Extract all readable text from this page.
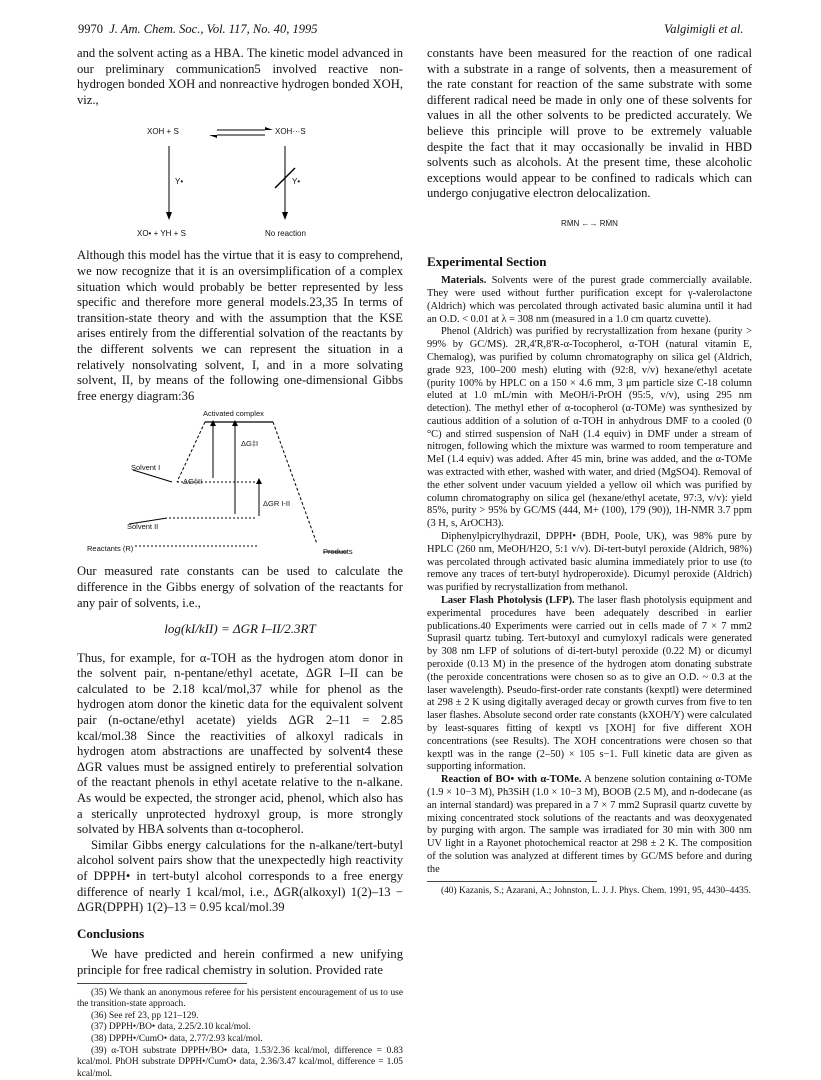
9970 J. Am. Chem. Soc., Vol. 117, No. 40, 1995	Valgimigli et al.

and the solvent acting as a HBA. The kinetic model advanced in our preliminary communication5 involved reactive non-hydrogen bonded XOH and nonreactive hydrogen bonded XOH, viz.,

XOH + S	XOH···S
Y•	Y•
XO• + YH + S	No reaction

Although this model has the virtue that it is easy to comprehend, we now recognize that it is an oversimplification of a complex situation which would probably be better represented by less specific and therefore more general models.23,35 In terms of transition-state theory and with the assumption that the KSE arises entirely from the differential solvation of the reactants by the different solvents we can represent the situation in a relatively nonsolvating solvent, I, and in a more solvating solvent, II, by means of the following one-dimensional Gibbs free energy diagram:36

Activated complex
Solvent I
Solvent II
Reactants (R)	Products
ΔG‡I
ΔG‡II
ΔGR I-II

Our measured rate constants can be used to calculate the difference in the Gibbs energy of solvation of the reactants for any pair of solvents, i.e.,

log(kI/kII) = ΔGR I–II/2.3RT

Thus, for example, for α-TOH as the hydrogen atom donor in the solvent pair, n-pentane/ethyl acetate, ΔGR I–II can be calculated to be 2.18 kcal/mol,37 while for phenol as the hydrogen atom donor the kinetic data for the equivalent solvent pair (n-octane/ethyl acetate) yields ΔGR 2–11 = 2.85 kcal/mol.38 Since the reactivities of alkoxyl radicals in hydrogen atom abstractions are unaffected by solvent4 these ΔGR values must be assigned entirely to preferential solvation of the reactant phenols in ethyl acetate relative to the n-alkane. As would be expected, the stronger acid, phenol, which also has a sterically unprotected hydroxyl group, is more strongly solvated by HBA solvents than α-tocopherol.

Similar Gibbs energy calculations for the n-alkane/tert-butyl alcohol solvent pairs show that the unexpectedly high reactivity of DPPH• in tert-butyl alcohol corresponds to a free energy difference of nearly 1 kcal/mol, i.e., ΔGR(alkoxyl) 1(2)–13 − ΔGR(DPPH) 1(2)–13 = 0.95 kcal/mol.39

Conclusions

We have predicted and herein confirmed a new unifying principle for free radical chemistry in solution. Provided rate

(35) We thank an anonymous referee for his persistent encouragement of us to use the transition-state approach.
(36) See ref 23, pp 121–129.
(37) DPPH•/BO• data, 2.25/2.10 kcal/mol.
(38) DPPH•/CumO• data, 2.77/2.93 kcal/mol.
(39) α-TOH substrate DPPH•/BO• data, 1.53/2.36 kcal/mol, difference = 0.83 kcal/mol. PhOH substrate DPPH•/CumO• data, 2.36/3.47 kcal/mol, difference = 1.05 kcal/mol.

constants have been measured for the reaction of one radical with a substrate in a range of solvents, then a measurement of the rate constant for reaction of the same substrate with some different radical need be made in only one of these solvents for values in all the other solvents to be predicted accurately. We believe this principle will prove to be extremely valuable despite the fact that it may occasionally be invalid in HBD solvents such as alcohols. At the present time, these alcoholic exceptions would appear to be confined to radicals which can undergo conjugative electron delocalization.

RṀN ←→ RṀN
Experimental Section

Materials. Solvents were of the purest grade commercially available. They were used without further purification except for γ-valerolactone (Aldrich) which was percolated through activated basic alumina until it had an O.D. < 0.01 at λ = 308 nm (measured in a 1.0 cm quartz cuvette).

Phenol (Aldrich) was purified by recrystallization from hexane (purity > 99% by GC/MS). 2R,4'R,8'R-α-Tocopherol, α-TOH (natural vitamin E, Chemalog), was purified by column chromatography on silica gel (Aldrich, grade 923, 100–200 mesh) eluting with (92:8, v/v) hexane/ethyl acetate (purity 100% by HPLC on a 150 × 4.6 mm, 3 μm particle size C-18 column eluted at 1.0 mL/min with MeOH/i-PrOH (95:5, v/v), using 295 nm detection). The methyl ether of α-tocopherol (α-TOMe) was synthesized by cautious addition of a solution of α-TOH in anhydrous DMF to a cooled (0 °C) and stirred suspension of NaH (1.4 equiv) in DMF under a stream of nitrogen, following which the mixture was warmed to room temperature and MeI (1.4 equiv) was added. After 45 min, brine was added, and the α-TOMe was extracted with ether, washed with water, and dried (MgSO4). Removal of the ether solvent under vacuum yielded a yellow oil which was purified by column chromatography on silica gel (hexane/ethyl acetate, 97:3, v/v): yield 85%, purity > 95% by GC/MS (444, M+ (100), 179 (90)), 1H-NMR 3.7 ppm (3 H, s, ArOCH3).

Diphenylpicrylhydrazil, DPPH• (BDH, Poole, UK), was 98% pure by HPLC (260 nm, MeOH/H2O, 5:1 v/v). Di-tert-butyl peroxide (Aldrich, 98%) was percolated through activated basic alumina immediately prior to use (to remove any traces of tert-butyl hydroperoxide). Dicumyl peroxide (Aldrich) was purified by recrystallization from methanol.

Laser Flash Photolysis (LFP). The laser flash photolysis equipment and experimental procedures have been adequately described in earlier publications.40 Experiments were carried out in cells made of 7 × 7 mm2 Suprasil quartz tubing. Tert-butoxyl and cumyloxyl radicals were generated by 308 nm LFP of solutions of di-tert-butyl peroxide (0.22 M) or dicumyl peroxide (0.13 M) in the presence of the hydrogen atom donating substrate (the peroxide concentrations were chosen so as to give an O.D. ~ 0.3 at the laser wavelength). Pseudo-first-order rate constants (kexptl) were determined at 298 ± 2 K using digitally averaged decay or growth curves from five to ten laser flashes. Absolute second order rate constants (kXOH/Y) were calculated by least-squares fitting of kexptl vs [XOH] for five different XOH concentrations (see Results). The XOH concentrations were chosen so that kexptl was in the range (2–50) × 105 s−1. Full kinetic data are given as supporting information.

Reaction of BO• with α-TOMe. A benzene solution containing α-TOMe (1.9 × 10−3 M), Ph3SiH (1.0 × 10−3 M), BOOB (2.5 M), and n-dodecane (as an internal standard) was prepared in a 7 × 7 mm2 Suprasil quartz cuvette by mixing concentrated stock solutions of the reactants and was deoxygenated by purging with argon. The sample was irradiated for 30 min with 300 nm UV light in a Rayonet photochemical reactor at 298 ± 2 K. The composition of the solution was analyzed at different times by GC/MS before and during the

(40) Kazanis, S.; Azarani, A.; Johnston, L. J. J. Phys. Chem. 1991, 95, 4430–4435.
